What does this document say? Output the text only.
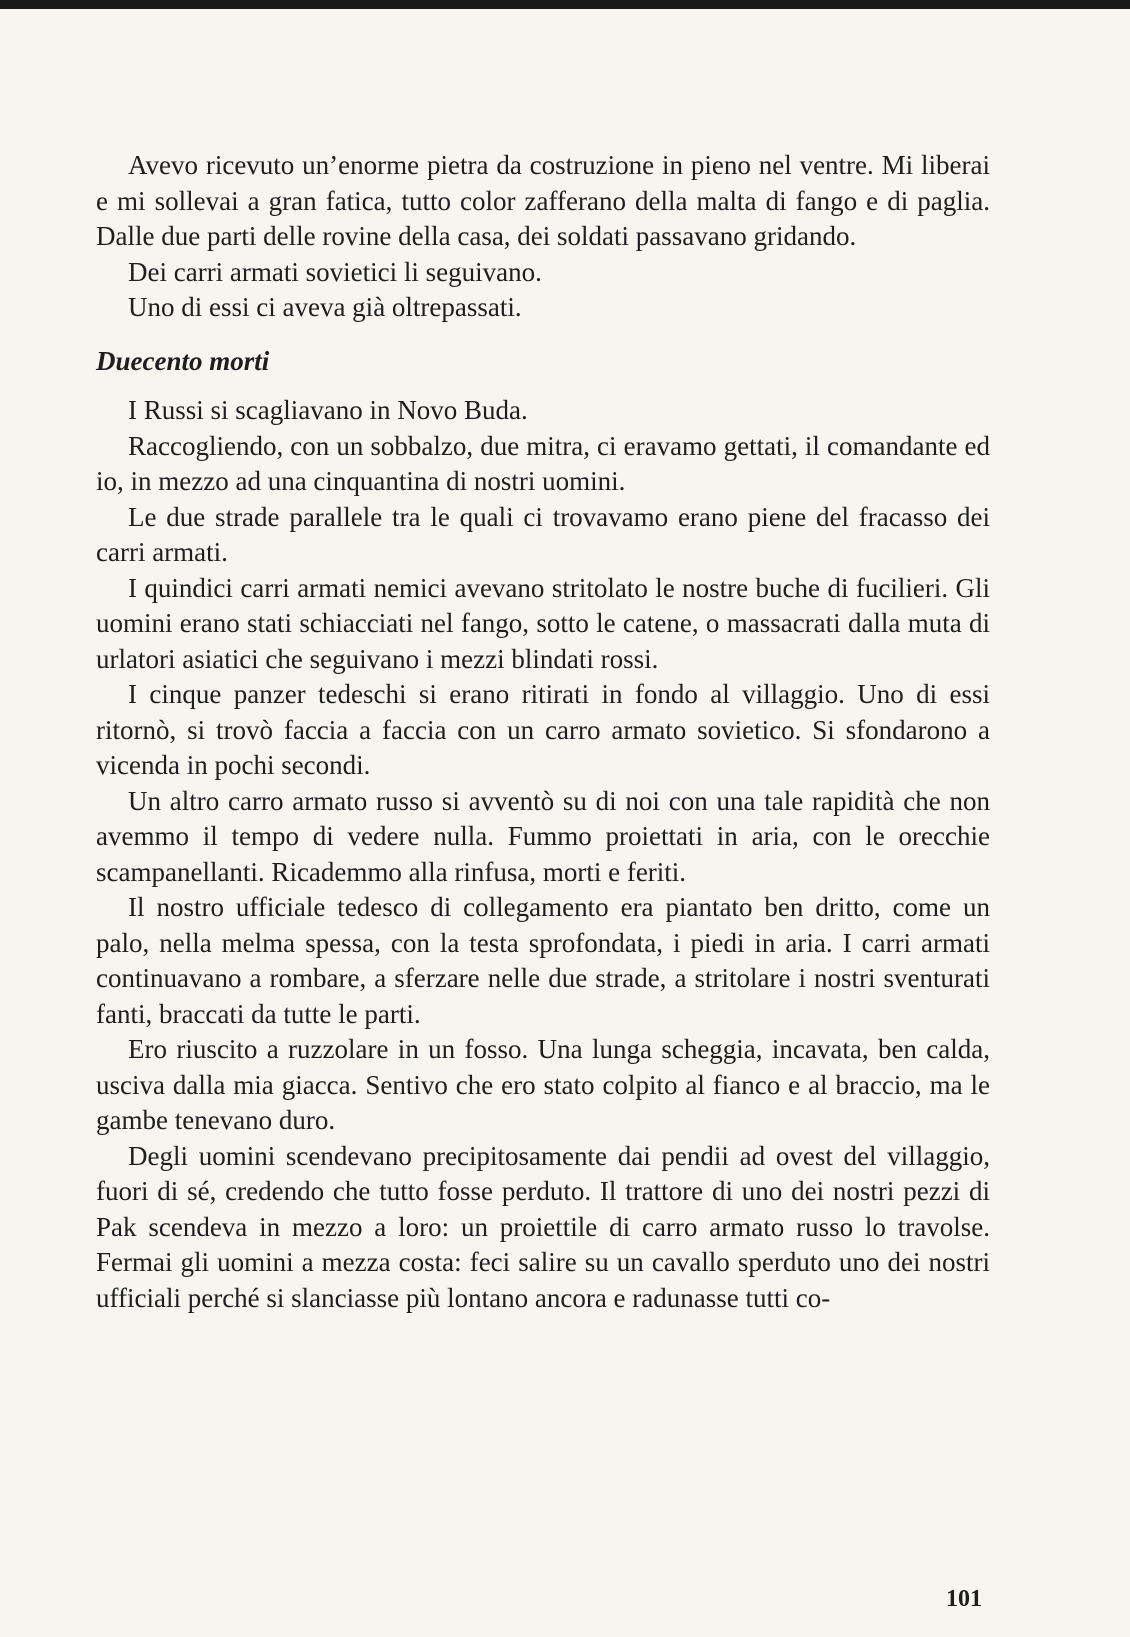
Avevo ricevuto un’enorme pietra da costruzione in pieno nel ventre. Mi liberai e mi sollevai a gran fatica, tutto color zafferano della malta di fango e di paglia. Dalle due parti delle rovine della casa, dei soldati passavano gridando.

Dei carri armati sovietici li seguivano.

Uno di essi ci aveva già oltrepassati.

Duecento morti

I Russi si scagliavano in Novo Buda.

Raccogliendo, con un sobbalzo, due mitra, ci eravamo gettati, il comandante ed io, in mezzo ad una cinquantina di nostri uomini.

Le due strade parallele tra le quali ci trovavamo erano piene del fracasso dei carri armati.

I quindici carri armati nemici avevano stritolato le nostre buche di fucilieri. Gli uomini erano stati schiacciati nel fango, sotto le catene, o massacrati dalla muta di urlatori asiatici che seguivano i mezzi blindati rossi.

I cinque panzer tedeschi si erano ritirati in fondo al villaggio. Uno di essi ritornò, si trovò faccia a faccia con un carro armato sovietico. Si sfondarono a vicenda in pochi secondi.

Un altro carro armato russo si avventò su di noi con una tale rapidità che non avemmo il tempo di vedere nulla. Fummo proiettati in aria, con le orecchie scampanellanti. Ricademmo alla rinfusa, morti e feriti.

Il nostro ufficiale tedesco di collegamento era piantato ben dritto, come un palo, nella melma spessa, con la testa sprofondata, i piedi in aria. I carri armati continuavano a rombare, a sferzare nelle due strade, a stritolare i nostri sventurati fanti, braccati da tutte le parti.

Ero riuscito a ruzzolare in un fosso. Una lunga scheggia, incavata, ben calda, usciva dalla mia giacca. Sentivo che ero stato colpito al fianco e al braccio, ma le gambe tenevano duro.

Degli uomini scendevano precipitosamente dai pendii ad ovest del villaggio, fuori di sé, credendo che tutto fosse perduto. Il trattore di uno dei nostri pezzi di Pak scendeva in mezzo a loro: un proiettile di carro armato russo lo travolse. Fermai gli uomini a mezza costa: feci salire su un cavallo sperduto uno dei nostri ufficiali perché si slanciasse più lontano ancora e radunasse tutti co-

101
